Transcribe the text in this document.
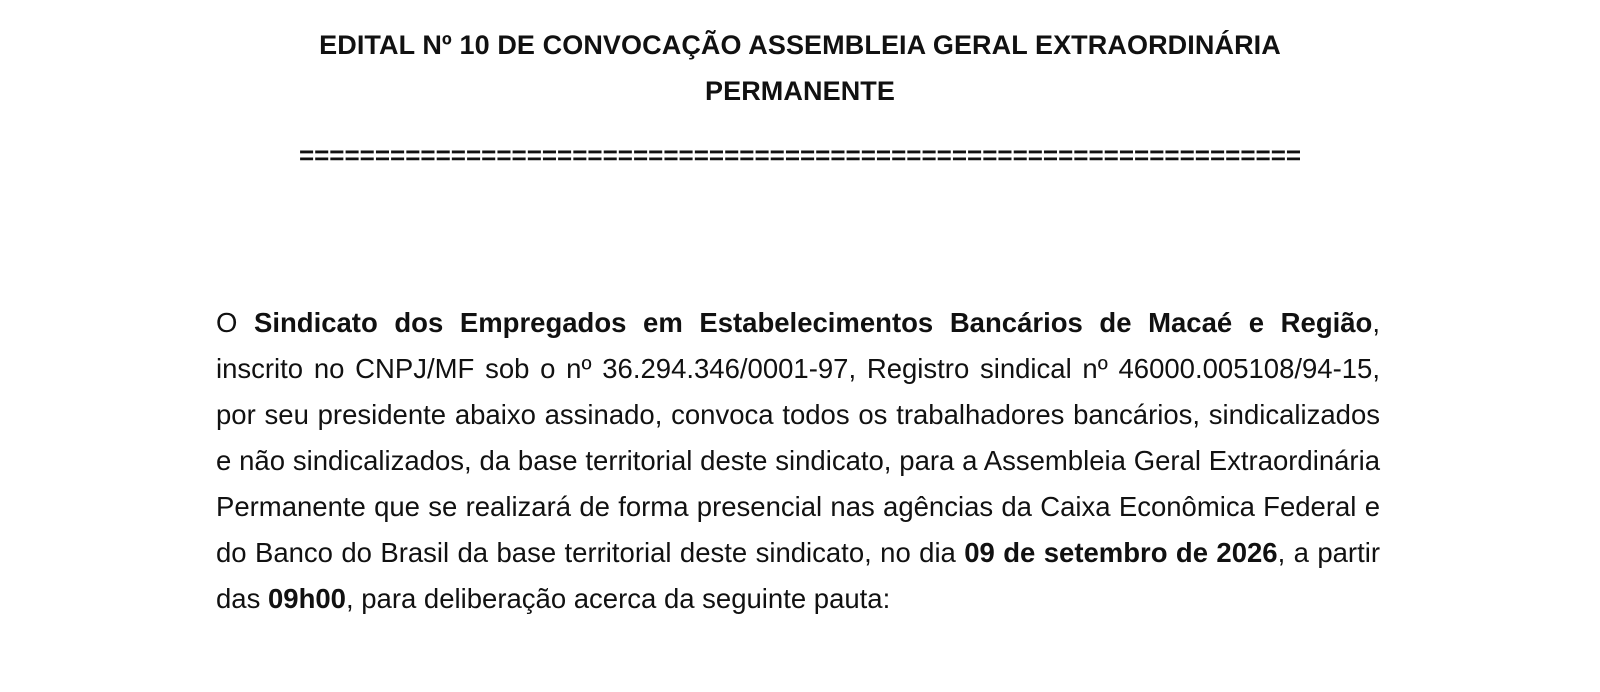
EDITAL Nº 10 DE CONVOCAÇÃO ASSEMBLEIA GERAL EXTRAORDINÁRIA
PERMANENTE
==================================================================

O Sindicato dos Empregados em Estabelecimentos Bancários de Macaé e Região, inscrito no CNPJ/MF sob o nº 36.294.346/0001-97, Registro sindical nº 46000.005108/94-15, por seu presidente abaixo assinado, convoca todos os trabalhadores bancários, sindicalizados e não sindicalizados, da base territorial deste sindicato, para a Assembleia Geral Extraordinária Permanente que se realizará de forma presencial nas agências da Caixa Econômica Federal e do Banco do Brasil da base territorial deste sindicato, no dia 09 de setembro de 2026, a partir das 09h00, para deliberação acerca da seguinte pauta:
